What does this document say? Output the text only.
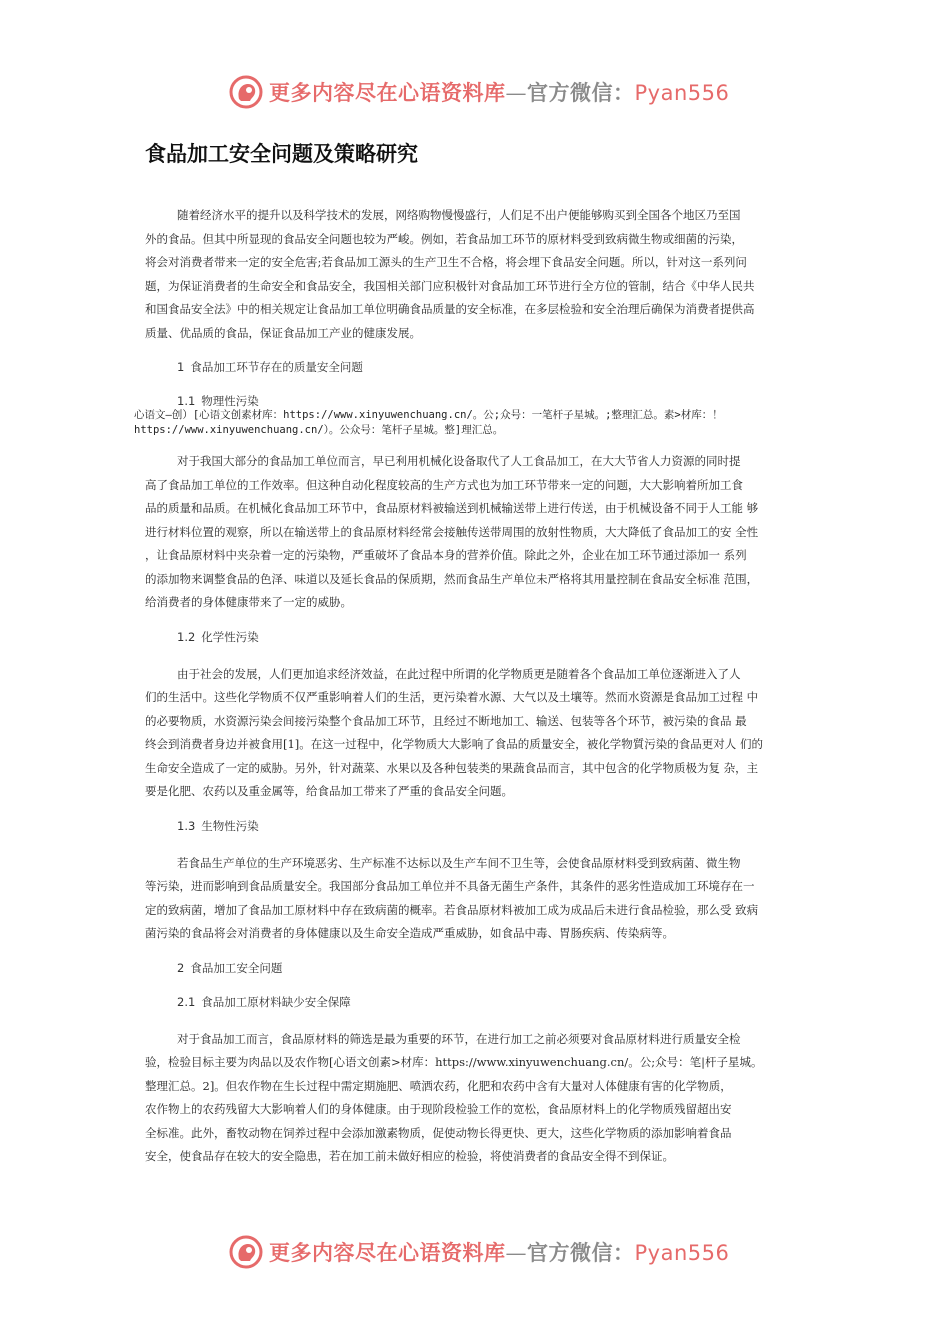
更多内容尽在心语资料库—官方微信：Pyan556
食品加工安全问题及策略研究

随着经济水平的提升以及科学技术的发展，网络购物慢慢盛行，人们足不出户便能够购买到全国各个地区乃至国
外的食品。但其中所显现的食品安全问题也较为严峻。例如，若食品加工环节的原材料受到致病微生物或细菌的污染，
将会对消费者带来一定的安全危害;若食品加工源头的生产卫生不合格，将会埋下食品安全问题。所以，针对这一系列问
题，为保证消费者的生命安全和食品安全，我国相关部门应积极针对食品加工环节进行全方位的管制，结合《中华人民共
和国食品安全法》中的相关规定让食品加工单位明确食品质量的安全标准，在多层检验和安全治理后确保为消费者提供高
质量、优品质的食品，保证食品加工产业的健康发展。

1 食品加工环节存在的质量安全问题
1.1 物理性污染

对于我国大部分的食品加工单位而言，早已利用机械化设备取代了人工食品加工，在大大节省人力资源的同时提
高了食品加工单位的工作效率。但这种自动化程度较高的生产方式也为加工环节带来一定的问题，大大影响着所加工食
品的质量和品质。在机械化食品加工环节中，食品原材料被输送到机械输送带上进行传送，由于机械设备不同于人工能 够
进行材料位置的观察，所以在输送带上的食品原材料经常会接触传送带周围的放射性物质，大大降低了食品加工的安 全性
，让食品原材料中夹杂着一定的污染物，严重破坏了食品本身的营养价值。除此之外，企业在加工环节通过添加一 系列
的添加物来调整食品的色泽、味道以及延长食品的保质期，然而食品生产单位未严格将其用量控制在食品安全标准 范围，
给消费者的身体健康带来了一定的威胁。

1.2 化学性污染

由于社会的发展，人们更加追求经济效益，在此过程中所谓的化学物质更是随着各个食品加工单位逐渐进入了人
们的生活中。这些化学物质不仅严重影响着人们的生活，更污染着水源、大气以及土壤等。然而水资源是食品加工过程 中
的必要物质，水资源污染会间接污染整个食品加工环节，且经过不断地加工、输送、包装等各个环节，被污染的食品 最
终会到消费者身边并被食用[1]。在这一过程中，化学物质大大影响了食品的质量安全，被化学物質污染的食品更对人 们的
生命安全造成了一定的威胁。另外，针对蔬菜、水果以及各种包装类的果蔬食品而言，其中包含的化学物质极为复 杂，主
要是化肥、农药以及重金属等，给食品加工带来了严重的食品安全问题。

1.3 生物性污染

若食品生产单位的生产环境恶劣、生产标准不达标以及生产车间不卫生等，会使食品原材料受到致病菌、微生物
等污染，进而影响到食品质量安全。我国部分食品加工单位并不具备无菌生产条件，其条件的恶劣性造成加工环境存在一
定的致病菌，增加了食品加工原材料中存在致病菌的概率。若食品原材料被加工成为成品后未进行食品检验，那么受 致病
菌污染的食品将会对消费者的身体健康以及生命安全造成严重威胁，如食品中毒、胃肠疾病、传染病等。

2 食品加工安全问题
2.1 食品加工原材料缺少安全保障

对于食品加工而言，食品原材料的筛选是最为重要的环节，在进行加工之前必须要对食品原材料进行质量安全检
验，检验目标主要为肉品以及农作物[心语文创素>材库：https://www.xinyuwenchuang.cn/。公;众号：笔|杆子星城。
整理汇总。2]。但农作物在生长过程中需定期施肥、喷洒农药，化肥和农药中含有大量对人体健康有害的化学物质，
农作物上的农药残留大大影响着人们的身体健康。由于现阶段检验工作的宽松，食品原材料上的化学物质残留超出安
全标准。此外，畜牧动物在饲养过程中会添加激素物质，促使动物长得更快、更大，这些化学物质的添加影响着食品
安全，使食品存在较大的安全隐患，若在加工前未做好相应的检验，将使消费者的食品安全得不到保证。

心语文—创）[心语文创素材库：https://www.xinyuwenchuang.cn/。公;众号：一笔杆子星城。;整理汇总。素>材库：！
https://www.xinyuwenchuang.cn/）。公众号：笔杆子星城。整]理汇总。
更多内容尽在心语资料库—官方微信：Pyan556
